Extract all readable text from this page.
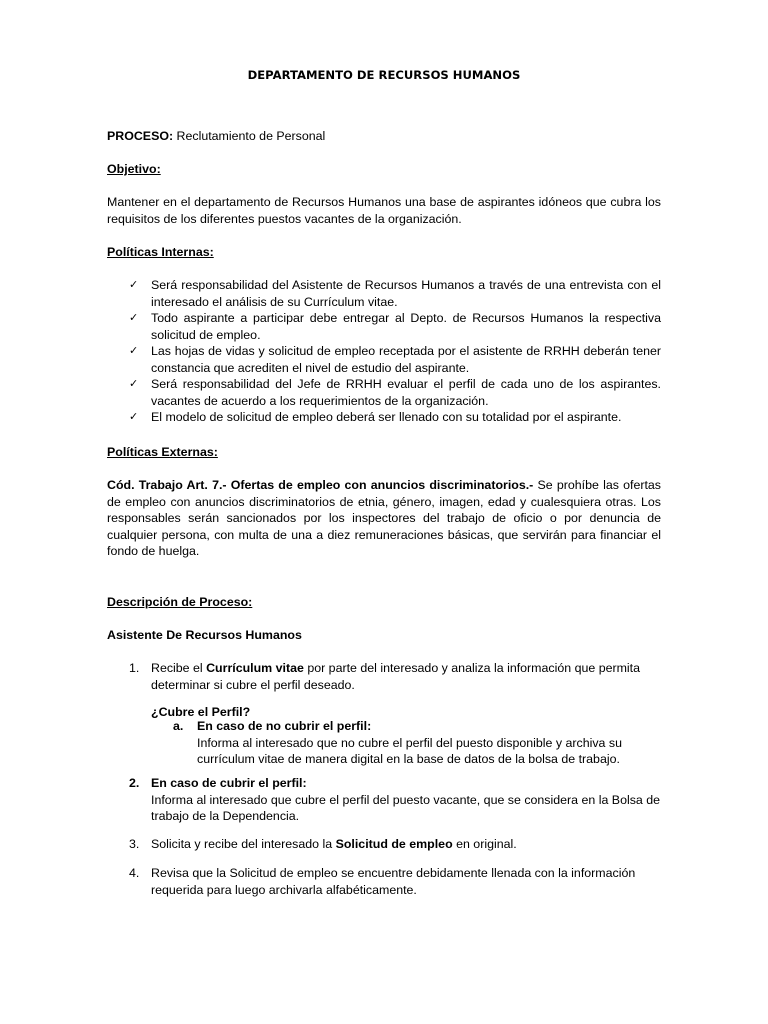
DEPARTAMENTO DE RECURSOS HUMANOS
PROCESO: Reclutamiento de Personal
Objetivo:
Mantener en el departamento de Recursos Humanos una base de aspirantes idóneos que cubra los requisitos de los diferentes puestos vacantes de la organización.
Políticas Internas:
✓	Será responsabilidad del Asistente de Recursos Humanos a través de una entrevista con el interesado el análisis de su Currículum vitae.
✓	Todo aspirante a participar debe entregar al Depto. de Recursos Humanos la respectiva solicitud de empleo.
✓	Las hojas de vidas y solicitud de empleo receptada por el asistente de RRHH deberán tener constancia que acrediten el nivel de estudio del aspirante.
✓	Será responsabilidad del Jefe de RRHH evaluar el perfil de cada uno de los aspirantes. vacantes de acuerdo a los requerimientos de la organización.
✓	El modelo de solicitud de empleo deberá ser llenado con su totalidad por el aspirante.
Políticas Externas:
Cód. Trabajo Art. 7.- Ofertas de empleo con anuncios discriminatorios.- Se prohíbe las ofertas de empleo con anuncios discriminatorios de etnia, género, imagen, edad y cualesquiera otras. Los responsables serán sancionados por los inspectores del trabajo de oficio o por denuncia de cualquier persona, con multa de una a diez remuneraciones básicas, que servirán para financiar el fondo de huelga.
Descripción de Proceso:
Asistente De Recursos Humanos
1. Recibe el Currículum vitae por parte del interesado y analiza la información que permita determinar si cubre el perfil deseado.
¿Cubre el Perfil?
a. En caso de no cubrir el perfil:
Informa al interesado que no cubre el perfil del puesto disponible y archiva su currículum vitae de manera digital en la base de datos de la bolsa de trabajo.
2. En caso de cubrir el perfil:
Informa al interesado que cubre el perfil del puesto vacante, que se considera en la Bolsa de trabajo de la Dependencia.
3. Solicita y recibe del interesado la Solicitud de empleo en original.
4. Revisa que la Solicitud de empleo se encuentre debidamente llenada con la información requerida para luego archivarla alfabéticamente.
